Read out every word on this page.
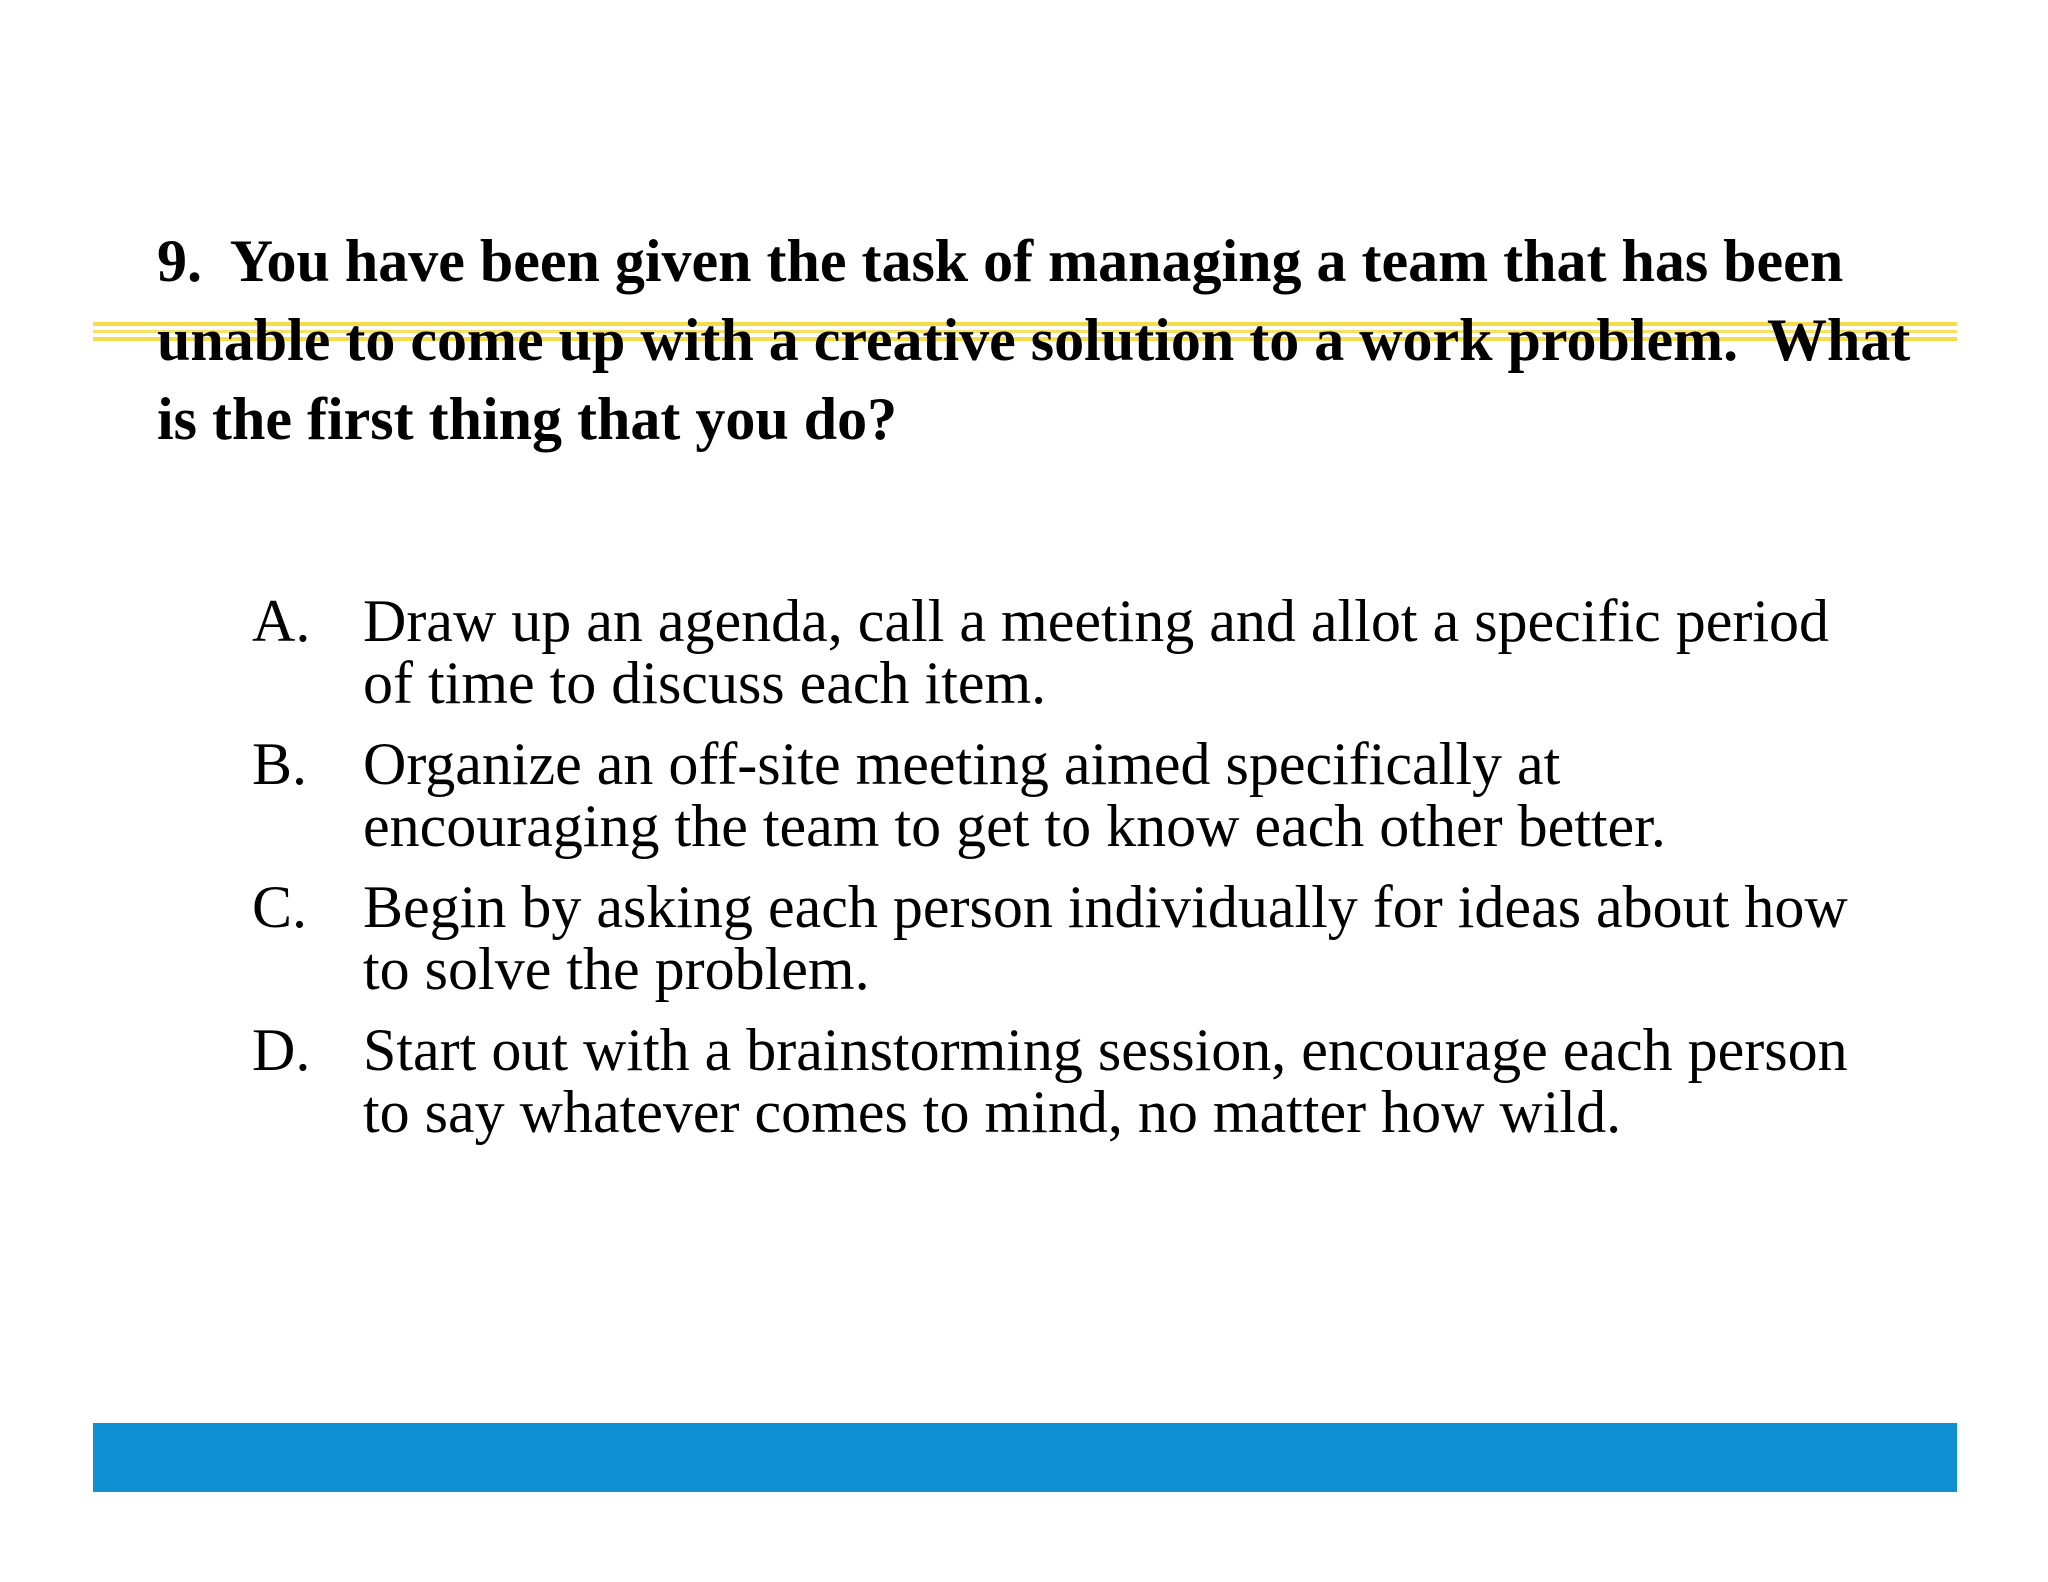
9.  You have been given the task of managing a team that has been unable to come up with a creative solution to a work problem.  What is the first thing that you do?

A. Draw up an agenda, call a meeting and allot a specific period of time to discuss each item.
B. Organize an off-site meeting aimed specifically at encouraging the team to get to know each other better.
C. Begin by asking each person individually for ideas about how to solve the problem.
D. Start out with a brainstorming session, encourage each person to say whatever comes to mind, no matter how wild.
